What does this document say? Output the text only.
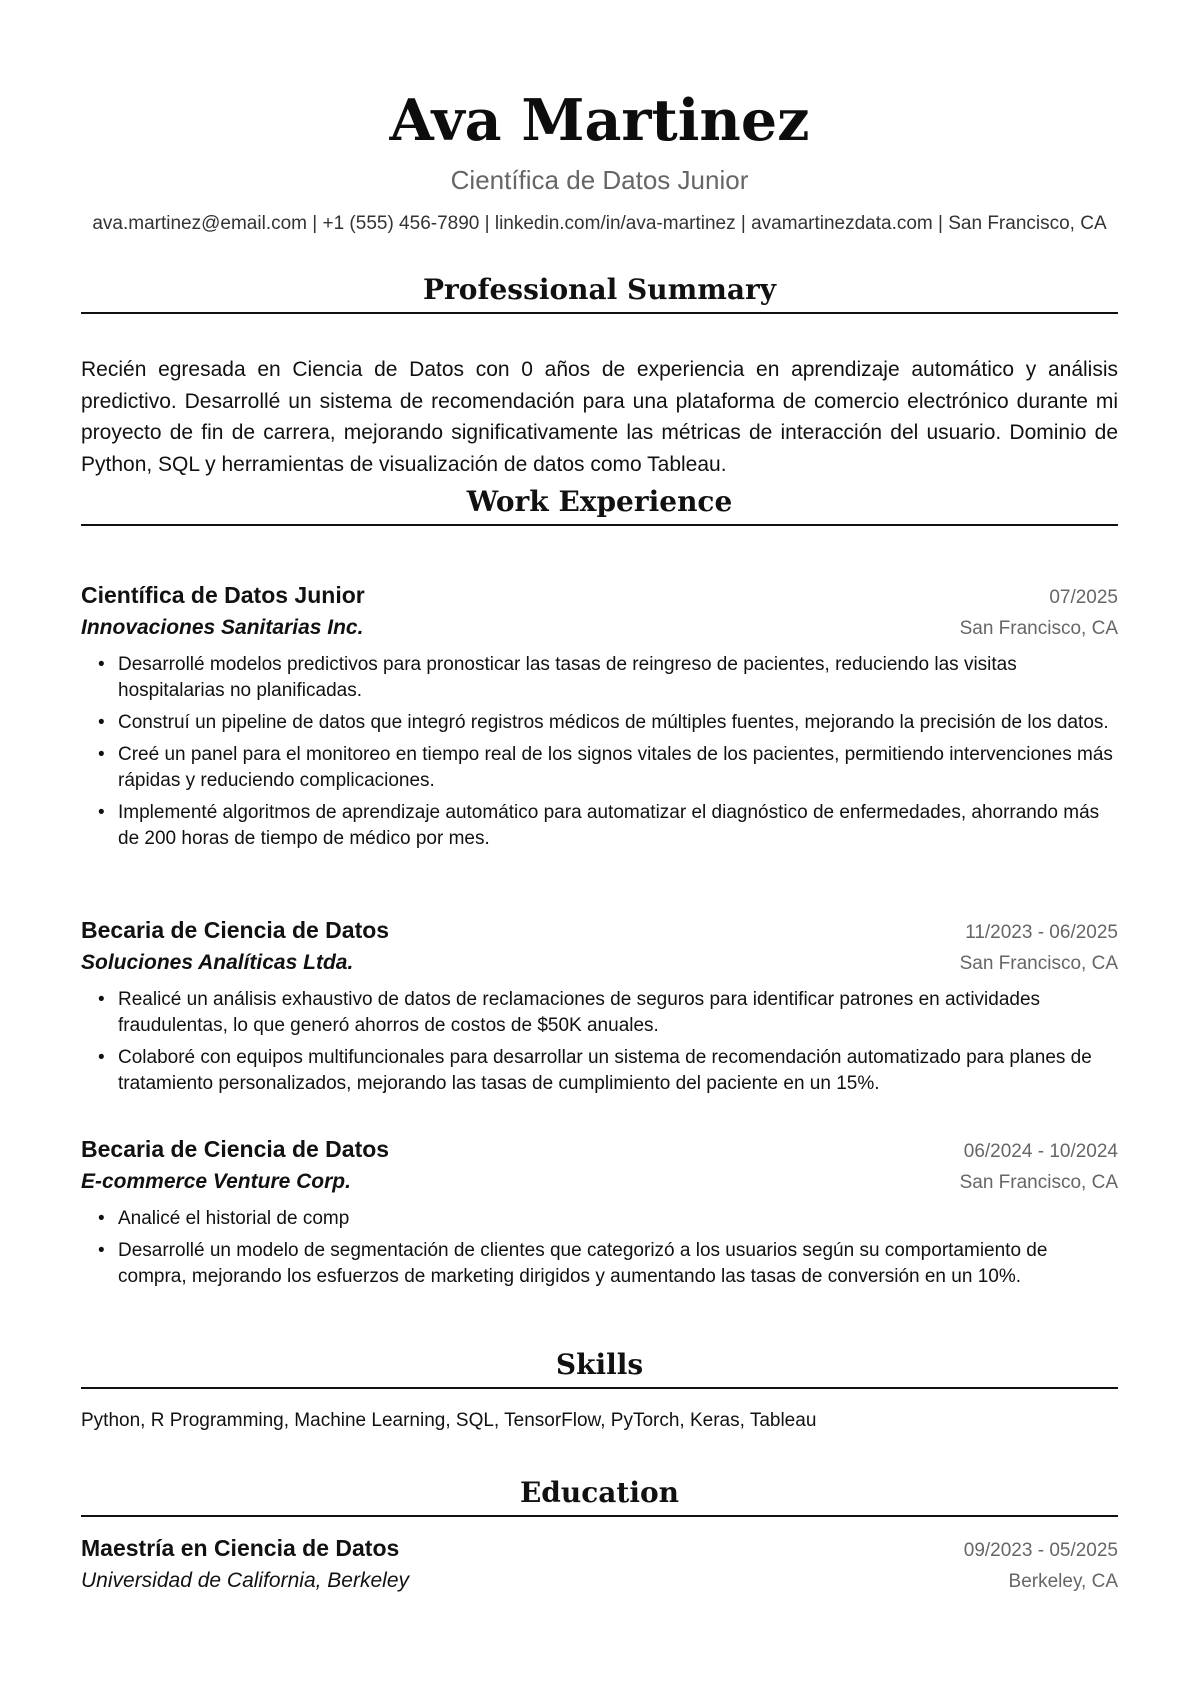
Ava Martinez
Científica de Datos Junior
ava.martinez@email.com | +1 (555) 456-7890 | linkedin.com/in/ava-martinez | avamartinezdata.com | San Francisco, CA
Professional Summary

Recién egresada en Ciencia de Datos con 0 años de experiencia en aprendizaje automático y análisis predictivo. Desarrollé un sistema de recomendación para una plataforma de comercio electrónico durante mi proyecto de fin de carrera, mejorando significativamente las métricas de interacción del usuario. Dominio de Python, SQL y herramientas de visualización de datos como Tableau.

Work Experience
Científica de Datos Junior	07/2025
Innovaciones Sanitarias Inc.	San Francisco, CA
• Desarrollé modelos predictivos para pronosticar las tasas de reingreso de pacientes, reduciendo las visitas hospitalarias no planificadas.
• Construí un pipeline de datos que integró registros médicos de múltiples fuentes, mejorando la precisión de los datos.
• Creé un panel para el monitoreo en tiempo real de los signos vitales de los pacientes, permitiendo intervenciones más rápidas y reduciendo complicaciones.
• Implementé algoritmos de aprendizaje automático para automatizar el diagnóstico de enfermedades, ahorrando más de 200 horas de tiempo de médico por mes.
Becaria de Ciencia de Datos	11/2023 - 06/2025
Soluciones Analíticas Ltda.	San Francisco, CA
• Realicé un análisis exhaustivo de datos de reclamaciones de seguros para identificar patrones en actividades fraudulentas, lo que generó ahorros de costos de $50K anuales.
• Colaboré con equipos multifuncionales para desarrollar un sistema de recomendación automatizado para planes de tratamiento personalizados, mejorando las tasas de cumplimiento del paciente en un 15%.
Becaria de Ciencia de Datos	06/2024 - 10/2024
E-commerce Venture Corp.	San Francisco, CA
• Analicé el historial de comp
• Desarrollé un modelo de segmentación de clientes que categorizó a los usuarios según su comportamiento de compra, mejorando los esfuerzos de marketing dirigidos y aumentando las tasas de conversión en un 10%.
Skills
Python, R Programming, Machine Learning, SQL, TensorFlow, PyTorch, Keras, Tableau
Education
Maestría en Ciencia de Datos	09/2023 - 05/2025
Universidad de California, Berkeley	Berkeley, CA
